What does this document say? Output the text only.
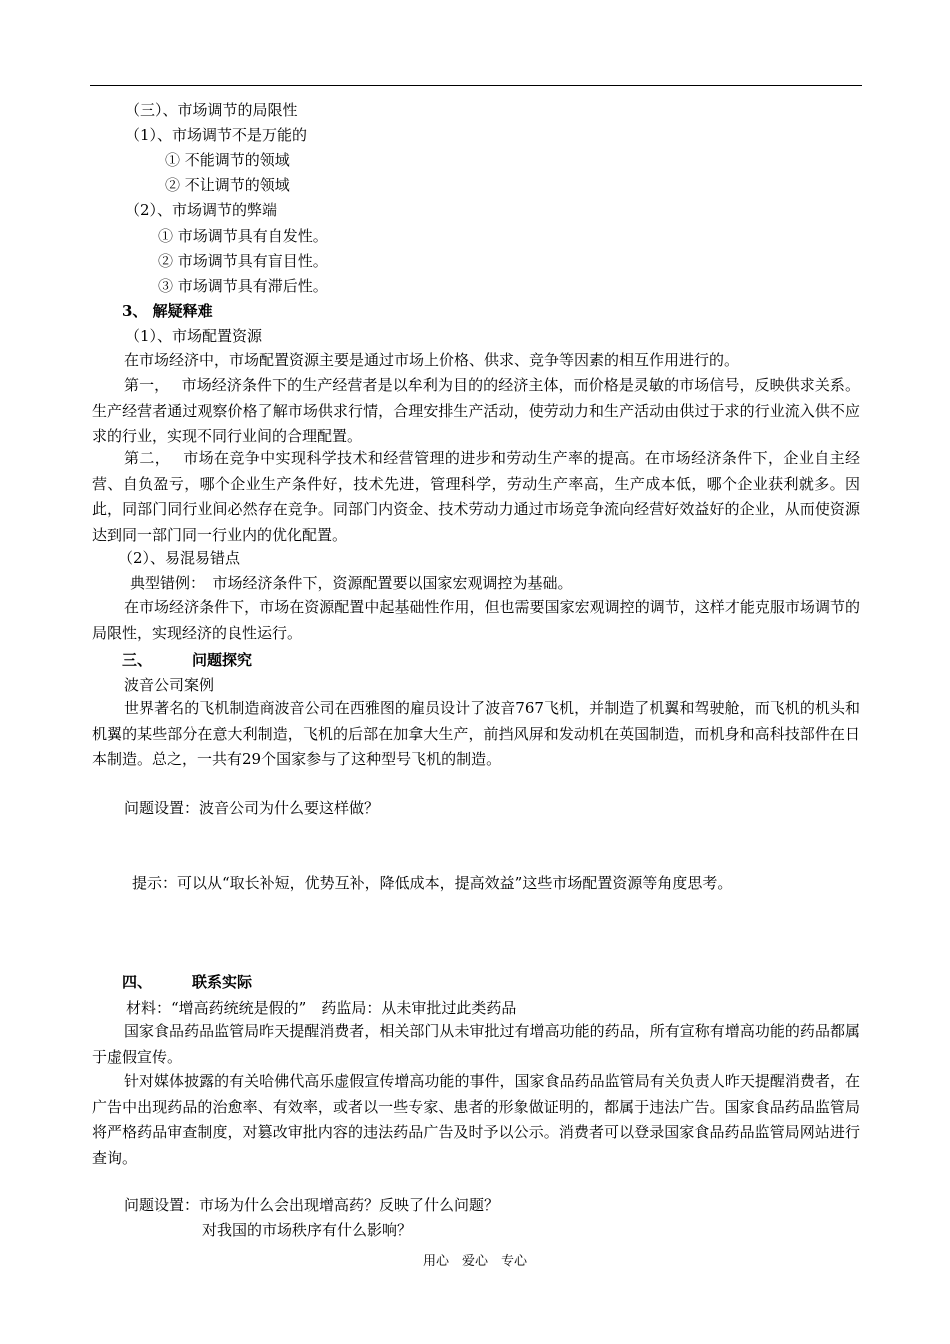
（三）、市场调节的局限性
（1）、市场调节不是万能的
① 不能调节的领域
② 不让调节的领域
（2）、市场调节的弊端
① 市场调节具有自发性。
② 市场调节具有盲目性。
③ 市场调节具有滞后性。
3、 解疑释难
（1）、市场配置资源
在市场经济中，市场配置资源主要是通过市场上价格、供求、竞争等因素的相互作用进行的。
第一，　 市场经济条件下的生产经营者是以牟利为目的的经济主体，而价格是灵敏的市场信号，反映供求关系。生产经营者通过观察价格了解市场供求行情，合理安排生产活动，使劳动力和生产活动由供过于求的行业流入供不应求的行业，实现不同行业间的合理配置。
第二，　 市场在竞争中实现科学技术和经营管理的进步和劳动生产率的提高。在市场经济条件下，企业自主经营、自负盈亏，哪个企业生产条件好，技术先进，管理科学，劳动生产率高，生产成本低，哪个企业获利就多。因此，同部门同行业间必然存在竞争。同部门内资金、技术劳动力通过市场竞争流向经营好效益好的企业，从而使资源达到同一部门同一行业内的优化配置。
（2）、易混易错点
典型错例：　市场经济条件下，资源配置要以国家宏观调控为基础。
在市场经济条件下，市场在资源配置中起基础性作用，但也需要国家宏观调控的调节，这样才能克服市场调节的局限性，实现经济的良性运行。
三、	问题探究
波音公司案例
世界著名的飞机制造商波音公司在西雅图的雇员设计了波音767飞机，并制造了机翼和驾驶舱，而飞机的机头和机翼的某些部分在意大利制造，飞机的后部在加拿大生产，前挡风屏和发动机在英国制造，而机身和高科技部件在日本制造。总之，一共有29个国家参与了这种型号飞机的制造。
问题设置：波音公司为什么要这样做？
提示：可以从“取长补短，优势互补，降低成本，提高效益”这些市场配置资源等角度思考。
四、	联系实际
材料：“增高药统统是假的”　药监局：从未审批过此类药品
国家食品药品监管局昨天提醒消费者，相关部门从未审批过有增高功能的药品，所有宣称有增高功能的药品都属于虚假宣传。
针对媒体披露的有关哈佛代高乐虚假宣传增高功能的事件，国家食品药品监管局有关负责人昨天提醒消费者，在广告中出现药品的治愈率、有效率，或者以一些专家、患者的形象做证明的，都属于违法广告。国家食品药品监管局将严格药品审查制度，对篡改审批内容的违法药品广告及时予以公示。消费者可以登录国家食品药品监管局网站进行查询。
问题设置：市场为什么会出现增高药？反映了什么问题？
对我国的市场秩序有什么影响？
用心　爱心　专心
